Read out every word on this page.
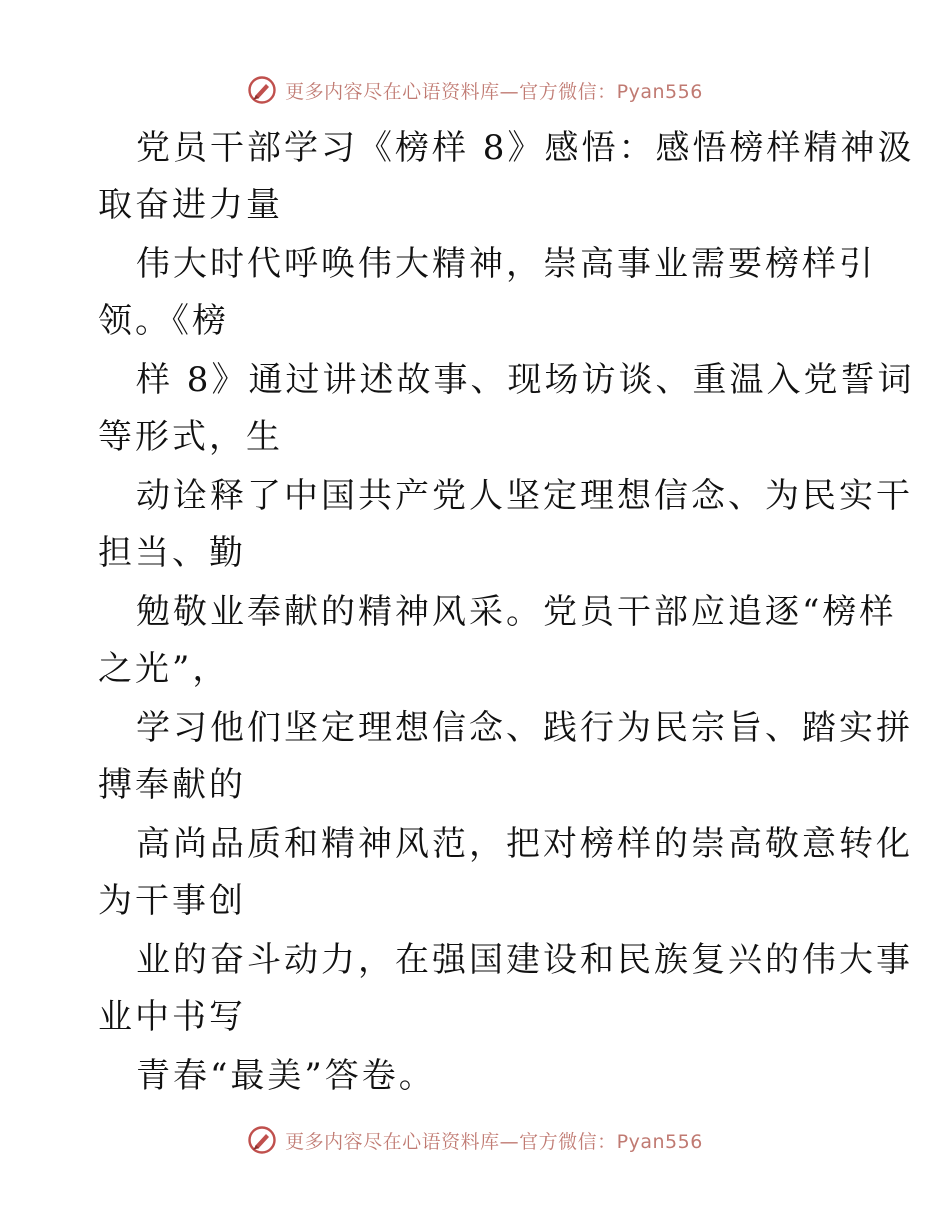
更多内容尽在心语资料库—官方微信：Pyan556
党员干部学习《榜样 8》感悟：感悟榜样精神汲
取奋进力量
伟大时代呼唤伟大精神，崇高事业需要榜样引
领。《榜
样 8》通过讲述故事、现场访谈、重温入党誓词
等形式，生
动诠释了中国共产党人坚定理想信念、为民实干
担当、勤
勉敬业奉献的精神风采。党员干部应追逐“榜样
之光”，
学习他们坚定理想信念、践行为民宗旨、踏实拼
搏奉献的
高尚品质和精神风范，把对榜样的崇高敬意转化
为干事创
业的奋斗动力，在强国建设和民族复兴的伟大事
业中书写
青春“最美”答卷。
更多内容尽在心语资料库—官方微信：Pyan556
